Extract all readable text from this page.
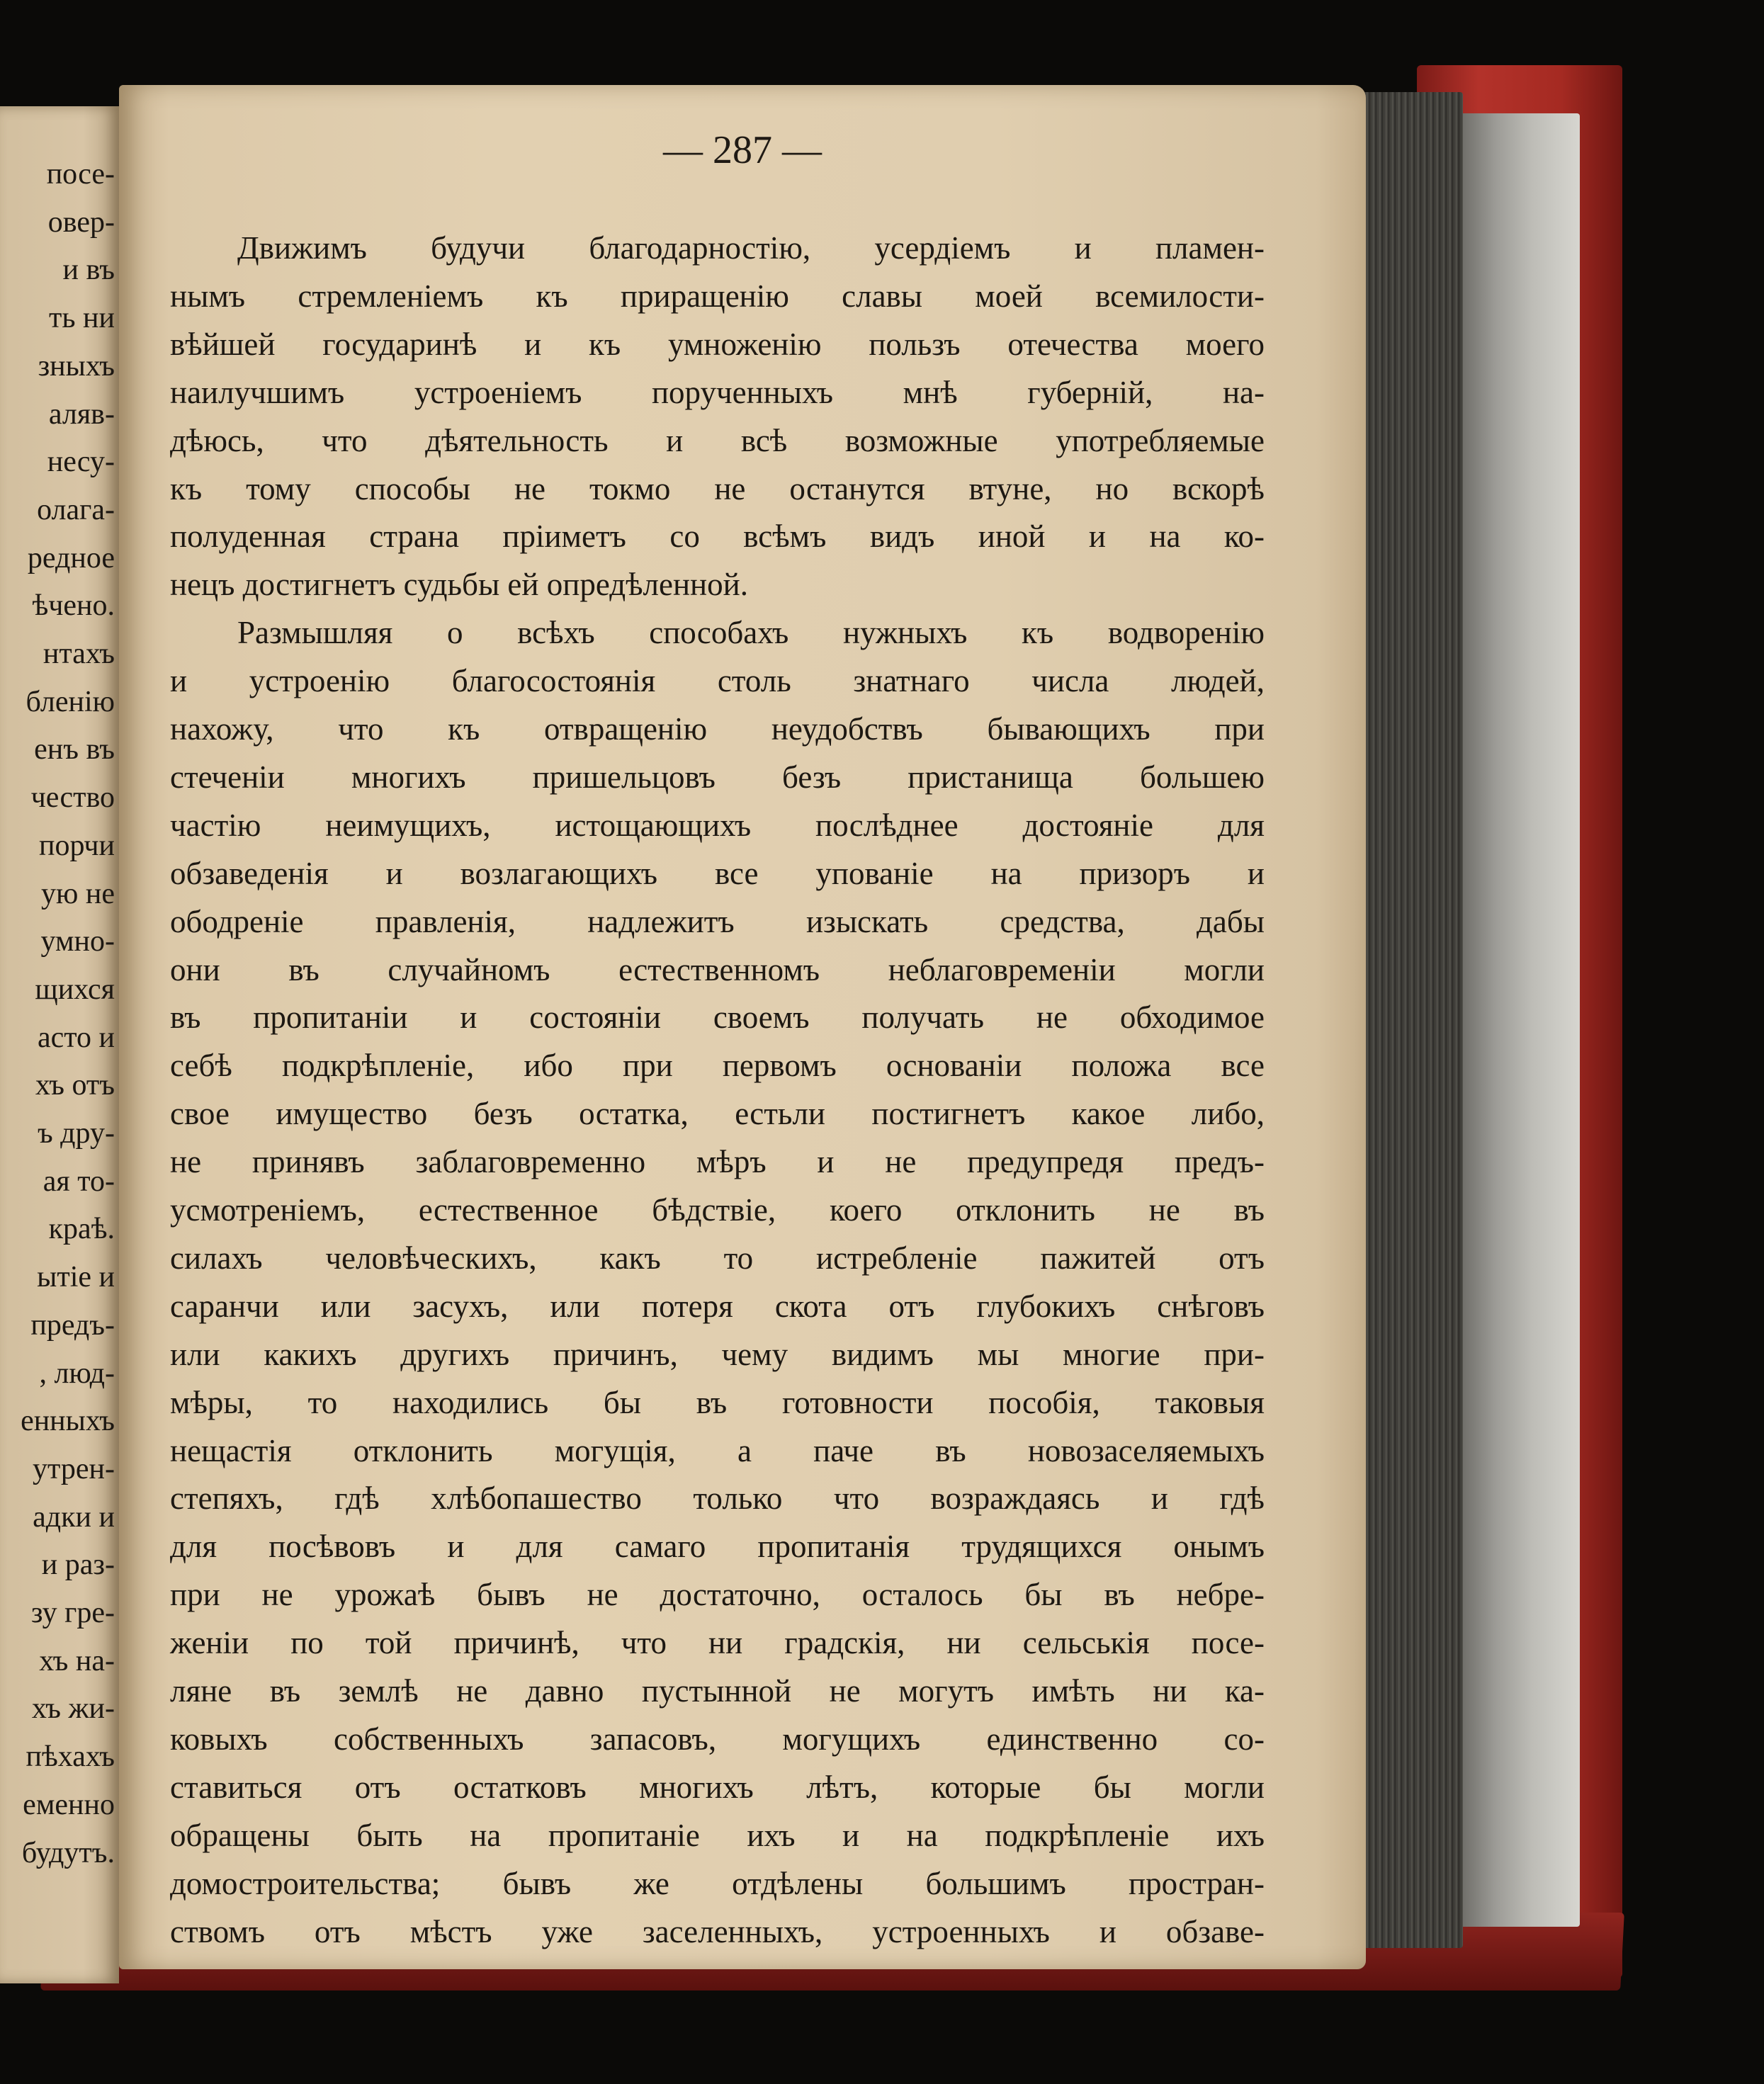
посе-
овер-
и въ
ть ни
зныхъ
аляв-
несу-
олага-
редное
ѣчено.
нтахъ
бленію
енъ въ
чество
порчи
ую не
умно-
щихся
асто и
хъ отъ
ъ дру-
ая то-
краѣ.
ытіе и
предъ-
, люд-
енныхъ
утрен-
адки и
и раз-
зу гре-
хъ на-
хъ жи-
пѣхахъ
еменно
будутъ.
— 287 —
Движимъ будучи благодарностію, усердіемъ и пламен-
нымъ стремленіемъ къ приращенію славы моей всемилости-
вѣйшей государинѣ и къ умноженію пользъ отечества моего
наилучшимъ устроеніемъ порученныхъ мнѣ губерній, на-
дѣюсь, что дѣятельность и всѣ возможные употребляемые
къ тому способы не токмо не останутся втуне, но вскорѣ
полуденная страна пріиметъ со всѣмъ видъ иной и на ко-
нецъ достигнетъ судьбы ей опредѣленной.
Размышляя о всѣхъ способахъ нужныхъ къ водворенію
и устроенію благосостоянія столь знатнаго числа людей,
нахожу, что къ отвращенію неудобствъ бывающихъ при
стеченіи многихъ пришельцовъ безъ пристанища большею
частію неимущихъ, истощающихъ послѣднее достояніе для
обзаведенія и возлагающихъ все упованіе на призоръ и
ободреніе правленія, надлежитъ изыскать средства, дабы
они въ случайномъ естественномъ неблаговременіи могли
въ пропитаніи и состояніи своемъ получать не обходимое
себѣ подкрѣпленіе, ибо при первомъ основаніи положа все
свое имущество безъ остатка, естьли постигнетъ какое либо,
не принявъ заблаговременно мѣръ и не предупредя предъ-
усмотреніемъ, естественное бѣдствіе, коего отклонить не въ
силахъ человѣческихъ, какъ то истребленіе пажитей отъ
саранчи или засухъ, или потеря скота отъ глубокихъ снѣговъ
или какихъ другихъ причинъ, чему видимъ мы многие при-
мѣры, то находились бы въ готовности пособія, таковыя
нещастія отклонить могущія, а паче въ новозаселяемыхъ
степяхъ, гдѣ хлѣбопашество только что возраждаясь и гдѣ
для посѣвовъ и для самаго пропитанія трудящихся онымъ
при не урожаѣ бывъ не достаточно, осталось бы въ небре-
женіи по той причинѣ, что ни градскія, ни сельськія посе-
ляне въ землѣ не давно пустынной не могутъ имѣть ни ка-
ковыхъ собственныхъ запасовъ, могущихъ единственно со-
ставиться отъ остатковъ многихъ лѣтъ, которые бы могли
обращены быть на пропитаніе ихъ и на подкрѣпленіе ихъ
домостроительства; бывъ же отдѣлены большимъ простран-
ствомъ отъ мѣстъ уже заселенныхъ, устроенныхъ и обзаве-
